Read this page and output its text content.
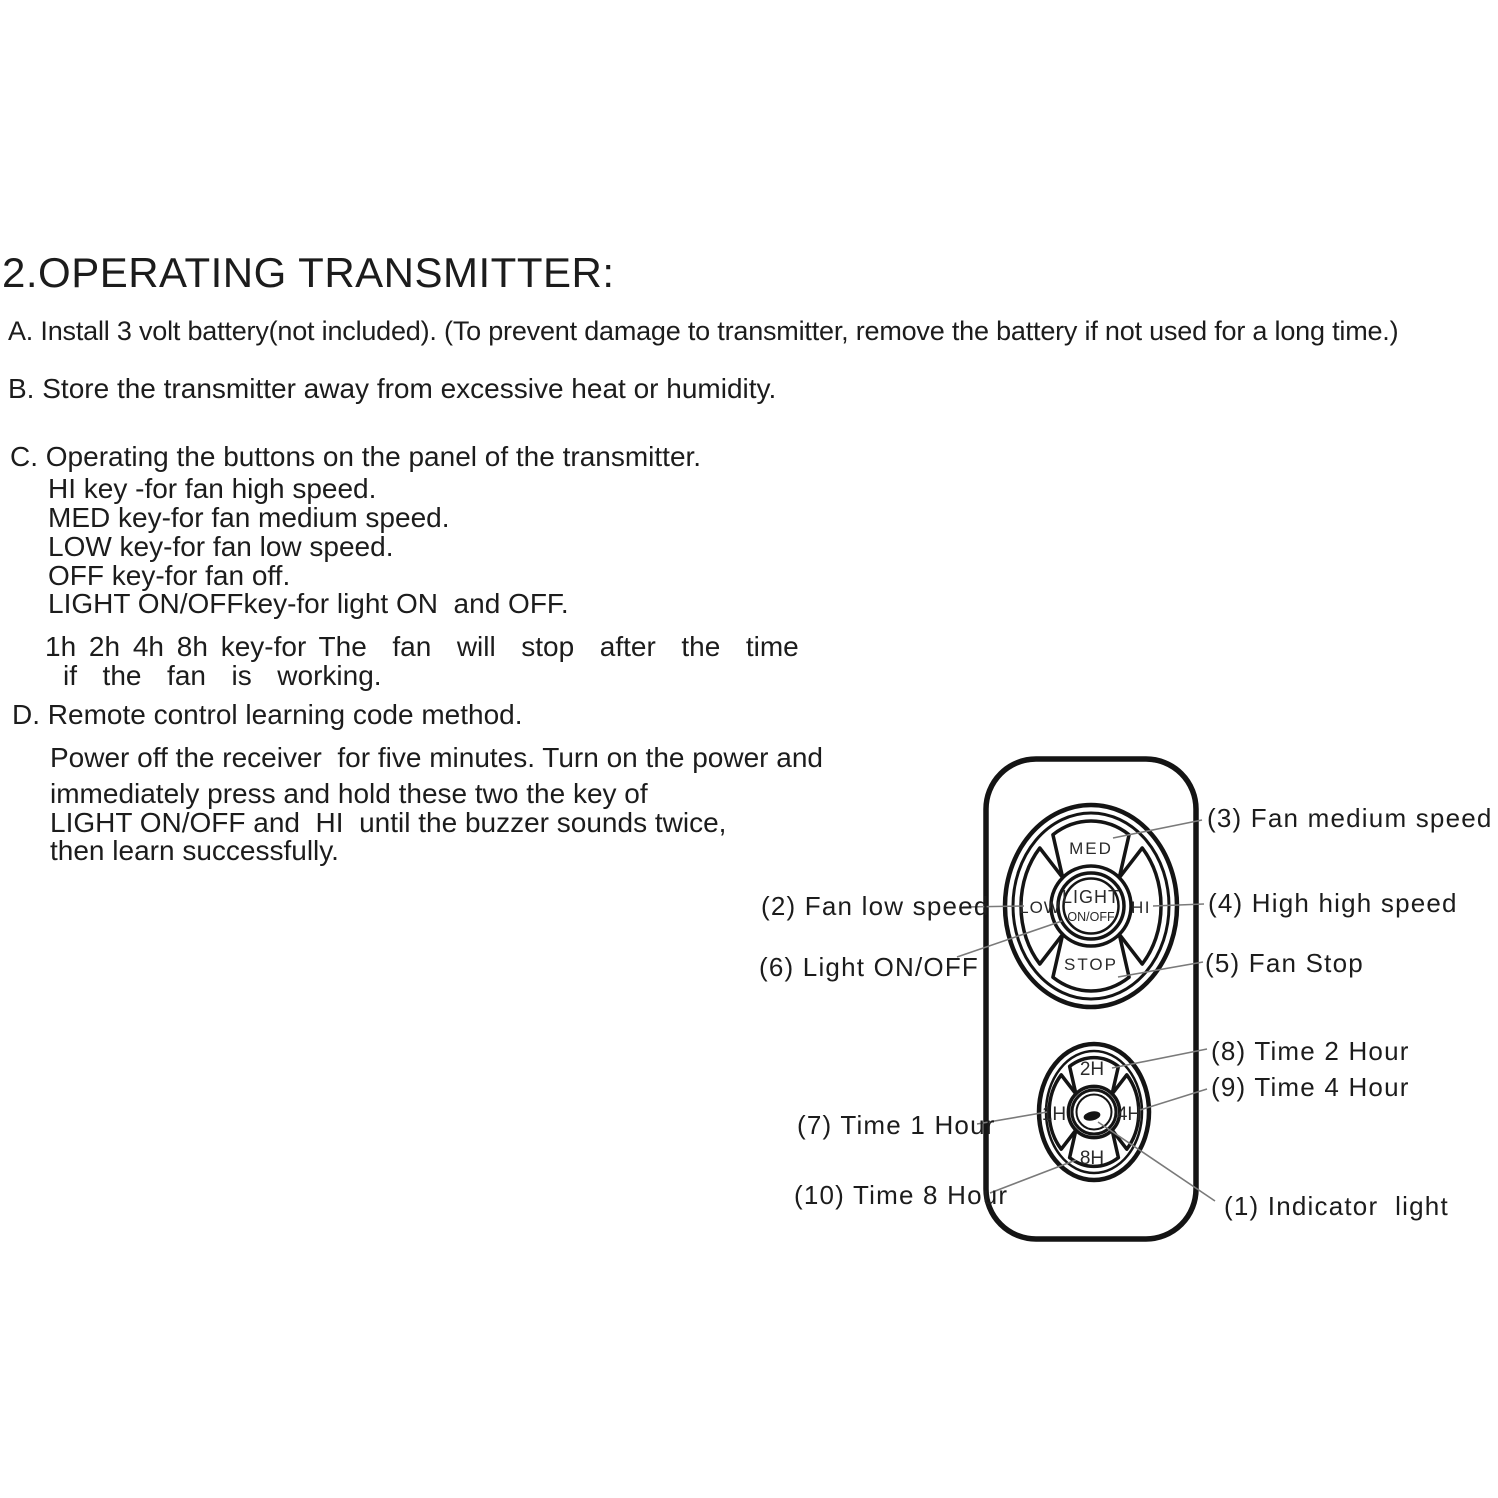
2.OPERATING TRANSMITTER:
A. Install 3 volt battery(not included). (To prevent damage to transmitter, remove the battery if not used for a long time.)
B. Store the transmitter away from excessive heat or humidity.
C. Operating the buttons on the panel of the transmitter.
HI key -for fan high speed.
MED key-for fan medium speed.
LOW key-for fan low speed.
OFF key-for fan off.
LIGHT ON/OFFkey-for light ON  and OFF.
1h 2h 4h 8h key-for The  fan  will  stop  after  the  time
if  the  fan  is  working.
D. Remote control learning code method.
Power off the receiver  for five minutes. Turn on the power and
immediately press and hold these two the key of
LIGHT ON/OFF and  HI  until the buzzer sounds twice,
then learn successfully.	MED
LOW	HI
STOP
LIGHT
ON/OFF
2H
1H	4H
8H
(3) Fan medium speed
(2) Fan low speed	(4) High high speed
(6) Light ON/OFF	(5) Fan Stop
(8) Time 2 Hour
(9) Time 4 Hour
(7) Time 1 Hour
(10) Time 8 Hour	(1) Indicator  light
